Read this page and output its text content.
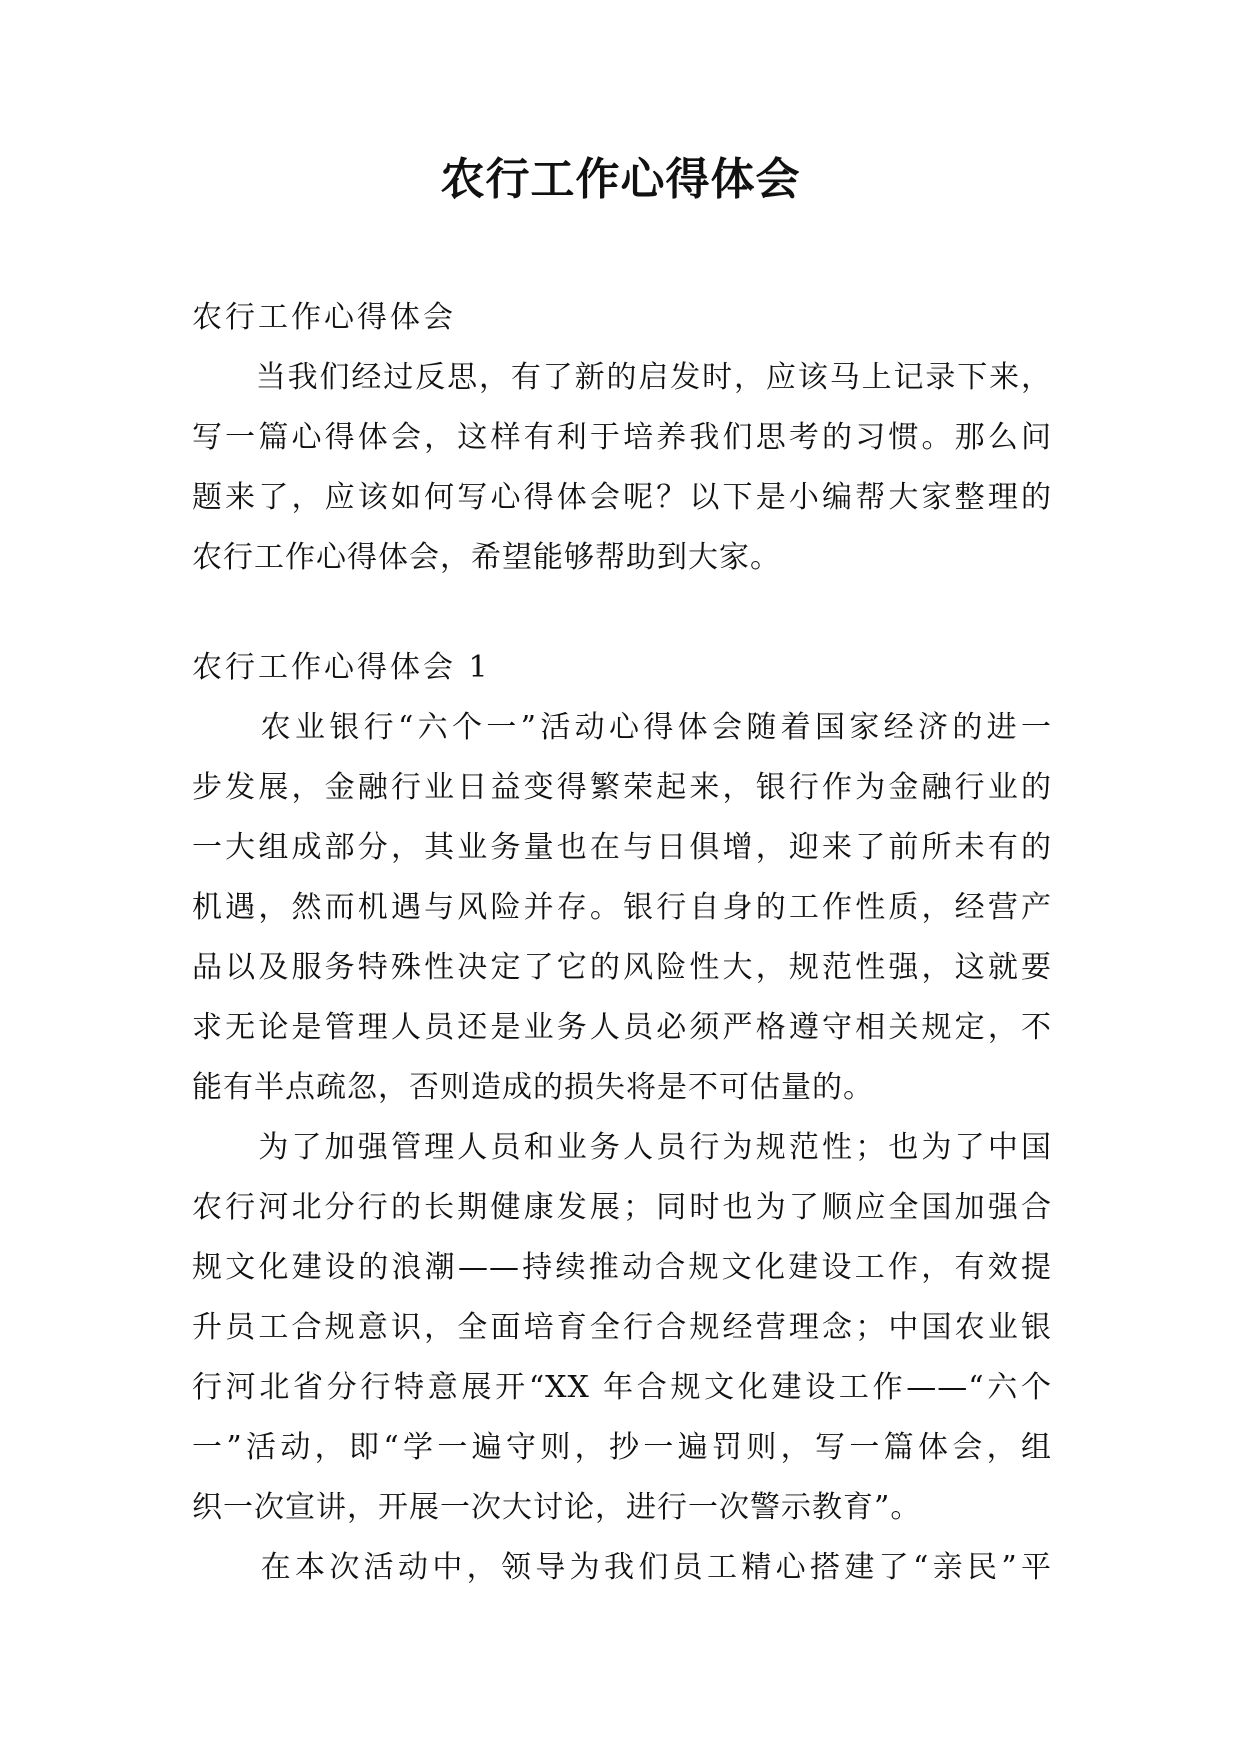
农行工作心得体会
农行工作心得体会
　　当我们经过反思，有了新的启发时，应该马上记录下来，
写一篇心得体会，这样有利于培养我们思考的习惯。那么问
题来了，应该如何写心得体会呢？以下是小编帮大家整理的
农行工作心得体会，希望能够帮助到大家。
农行工作心得体会 1
　　农业银行“六个一”活动心得体会随着国家经济的进一
步发展，金融行业日益变得繁荣起来，银行作为金融行业的
一大组成部分，其业务量也在与日俱增，迎来了前所未有的
机遇，然而机遇与风险并存。银行自身的工作性质，经营产
品以及服务特殊性决定了它的风险性大，规范性强，这就要
求无论是管理人员还是业务人员必须严格遵守相关规定，不
能有半点疏忽，否则造成的损失将是不可估量的。
　　为了加强管理人员和业务人员行为规范性；也为了中国
农行河北分行的长期健康发展；同时也为了顺应全国加强合
规文化建设的浪潮——持续推动合规文化建设工作，有效提
升员工合规意识，全面培育全行合规经营理念；中国农业银
行河北省分行特意展开“XX 年合规文化建设工作——“六个
一”活动，即“学一遍守则，抄一遍罚则，写一篇体会，组
织一次宣讲，开展一次大讨论，进行一次警示教育”。
　　在本次活动中，领导为我们员工精心搭建了“亲民”平
